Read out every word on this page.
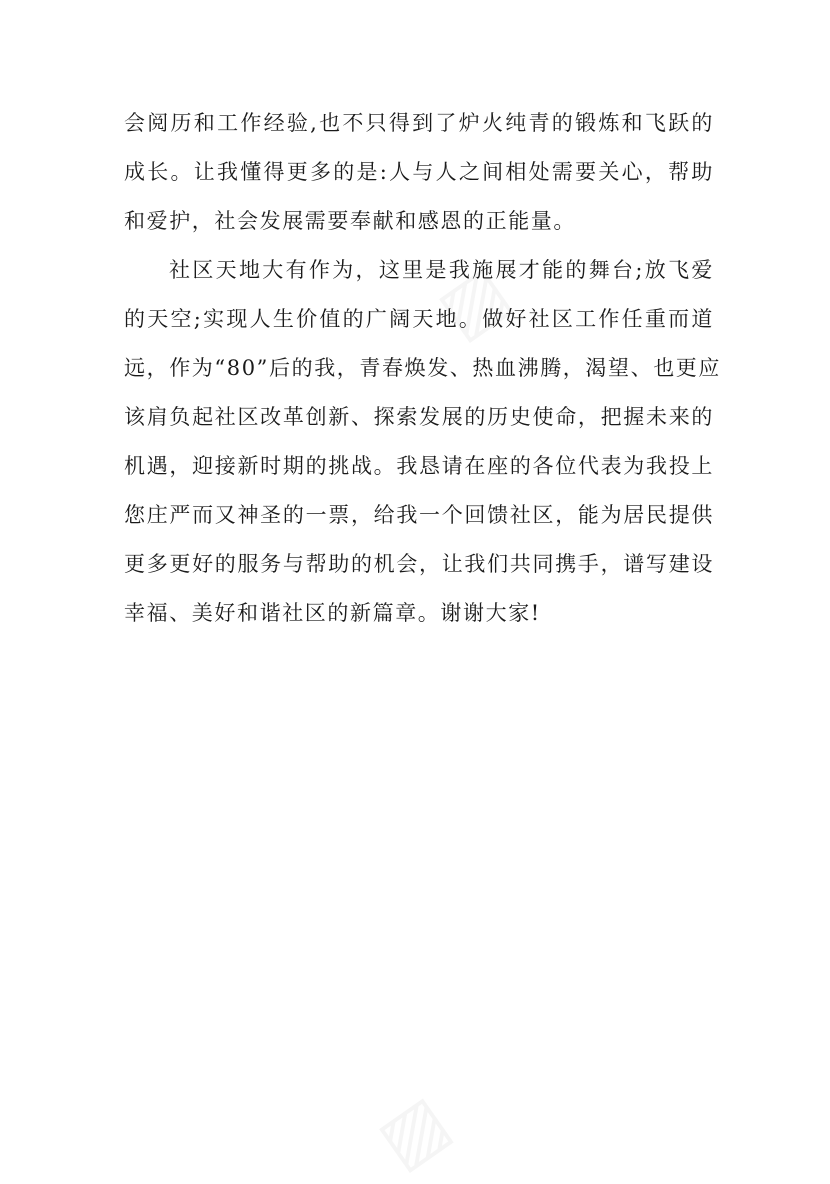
▨
▨
会阅历和工作经验,也不只得到了炉火纯青的锻炼和飞跃的
成长。让我懂得更多的是:人与人之间相处需要关心，帮助
和爱护，社会发展需要奉献和感恩的正能量。
社区天地大有作为，这里是我施展才能的舞台;放飞爱
的天空;实现人生价值的广阔天地。做好社区工作任重而道
远，作为“80”后的我，青春焕发、热血沸腾，渴望、也更应
该肩负起社区改革创新、探索发展的历史使命，把握未来的
机遇，迎接新时期的挑战。我恳请在座的各位代表为我投上
您庄严而又神圣的一票，给我一个回馈社区，能为居民提供
更多更好的服务与帮助的机会，让我们共同携手，谱写建设
幸福、美好和谐社区的新篇章。谢谢大家!
